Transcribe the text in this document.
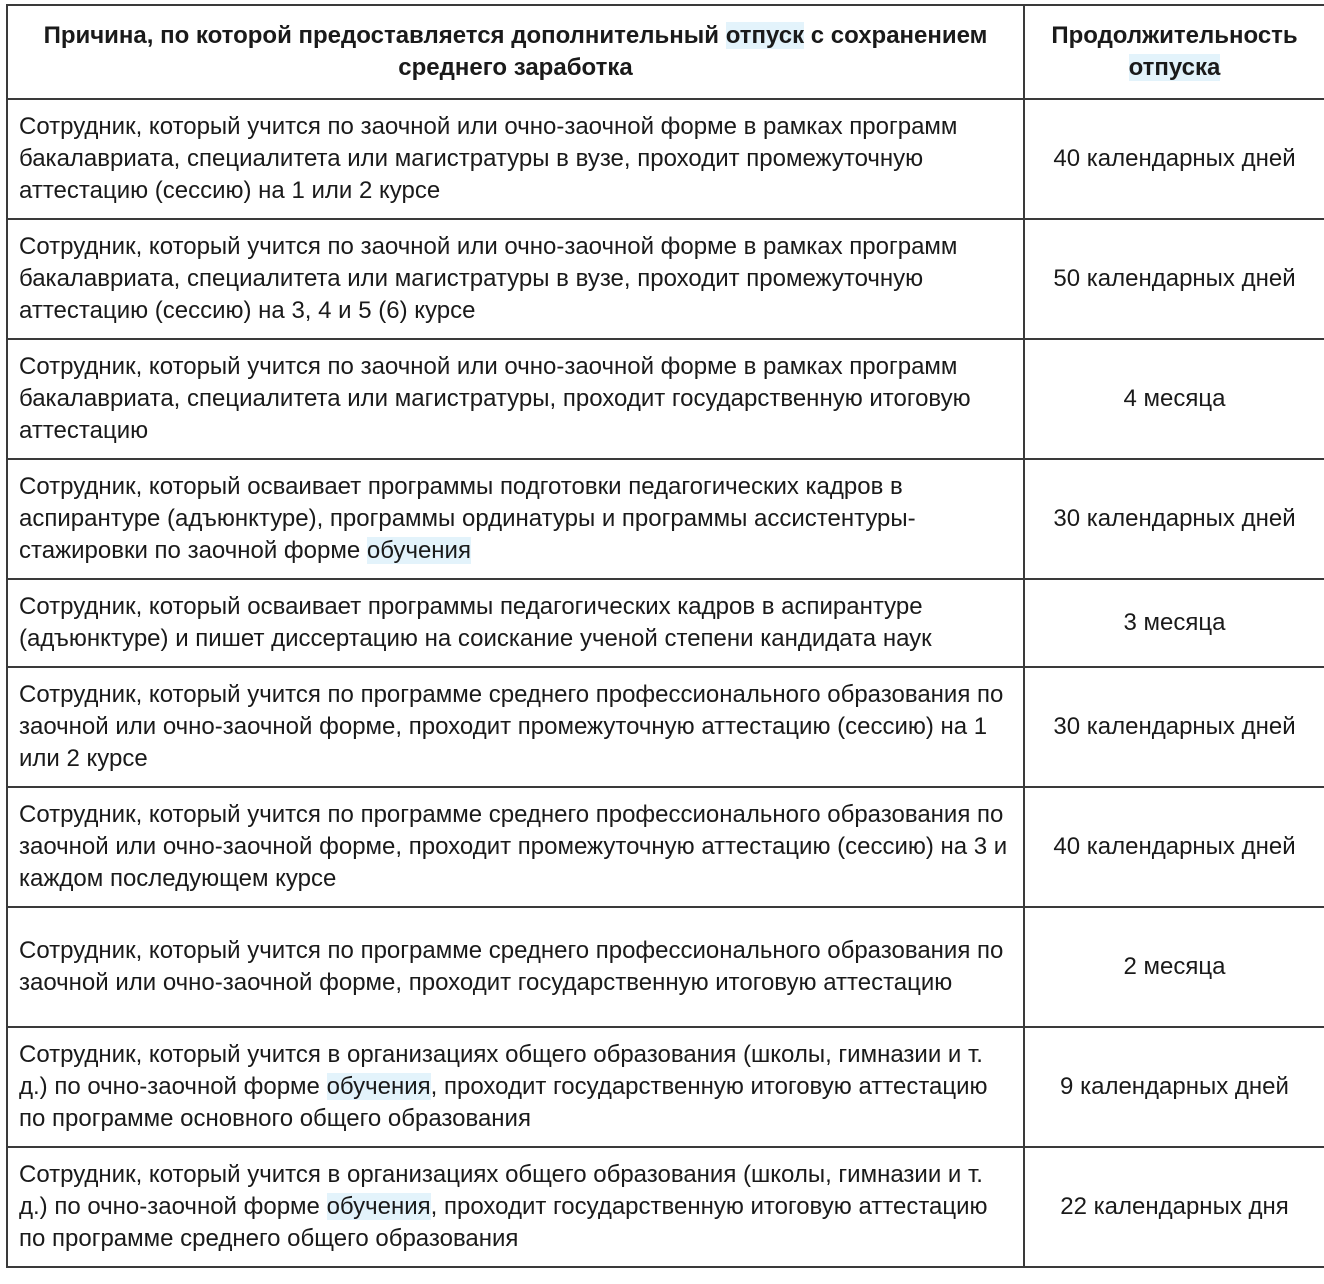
Причина, по которой предоставляется дополнительный отпуск с сохранением среднего заработка	Продолжительность отпуска
Сотрудник, который учится по заочной или очно-заочной форме в рамках программ бакалавриата, специалитета или магистратуры в вузе, проходит промежуточную аттестацию (сессию) на 1 или 2 курсе	40 календарных дней
Сотрудник, который учится по заочной или очно-заочной форме в рамках программ бакалавриата, специалитета или магистратуры в вузе, проходит промежуточную аттестацию (сессию) на 3, 4 и 5 (6) курсе	50 календарных дней
Сотрудник, который учится по заочной или очно-заочной форме в рамках программ бакалавриата, специалитета или магистратуры, проходит государственную итоговую аттестацию	4 месяца
Сотрудник, который осваивает программы подготовки педагогических кадров в аспирантуре (адъюнктуре), программы ординатуры и программы ассистентуры-стажировки по заочной форме обучения	30 календарных дней
Сотрудник, который осваивает программы педагогических кадров в аспирантуре (адъюнктуре) и пишет диссертацию на соискание ученой степени кандидата наук	3 месяца
Сотрудник, который учится по программе среднего профессионального образования по заочной или очно-заочной форме, проходит промежуточную аттестацию (сессию) на 1 или 2 курсе	30 календарных дней
Сотрудник, который учится по программе среднего профессионального образования по заочной или очно-заочной форме, проходит промежуточную аттестацию (сессию) на 3 и каждом последующем курсе	40 календарных дней
Сотрудник, который учится по программе среднего профессионального образования по заочной или очно-заочной форме, проходит государственную итоговую аттестацию	2 месяца
Сотрудник, который учится в организациях общего образования (школы, гимназии и т. д.) по очно-заочной форме обучения, проходит государственную итоговую аттестацию по программе основного общего образования	9 календарных дней
Сотрудник, который учится в организациях общего образования (школы, гимназии и т. д.) по очно-заочной форме обучения, проходит государственную итоговую аттестацию по программе среднего общего образования	22 календарных дня
